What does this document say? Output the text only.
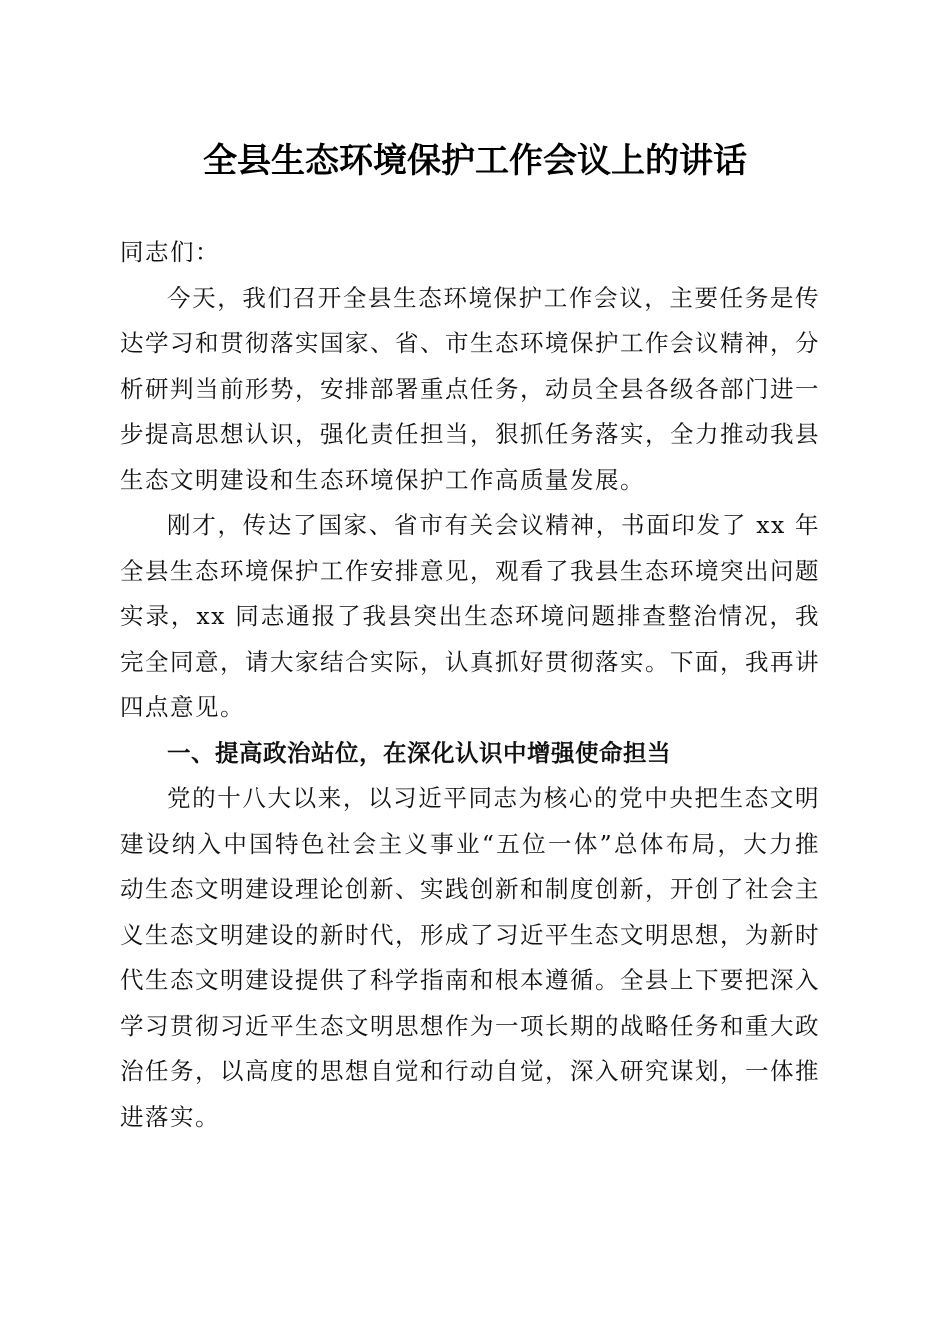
全县生态环境保护工作会议上的讲话

同志们：

今天，我们召开全县生态环境保护工作会议，主要任务是传达学习和贯彻落实国家、省、市生态环境保护工作会议精神，分析研判当前形势，安排部署重点任务，动员全县各级各部门进一步提高思想认识，强化责任担当，狠抓任务落实，全力推动我县生态文明建设和生态环境保护工作高质量发展。

刚才，传达了国家、省市有关会议精神，书面印发了 xx 年全县生态环境保护工作安排意见，观看了我县生态环境突出问题实录，xx 同志通报了我县突出生态环境问题排查整治情况，我完全同意，请大家结合实际，认真抓好贯彻落实。下面，我再讲四点意见。

一、提高政治站位，在深化认识中增强使命担当

党的十八大以来，以习近平同志为核心的党中央把生态文明建设纳入中国特色社会主义事业“五位一体”总体布局，大力推动生态文明建设理论创新、实践创新和制度创新，开创了社会主义生态文明建设的新时代，形成了习近平生态文明思想，为新时代生态文明建设提供了科学指南和根本遵循。全县上下要把深入学习贯彻习近平生态文明思想作为一项长期的战略任务和重大政治任务，以高度的思想自觉和行动自觉，深入研究谋划，一体推进落实。
